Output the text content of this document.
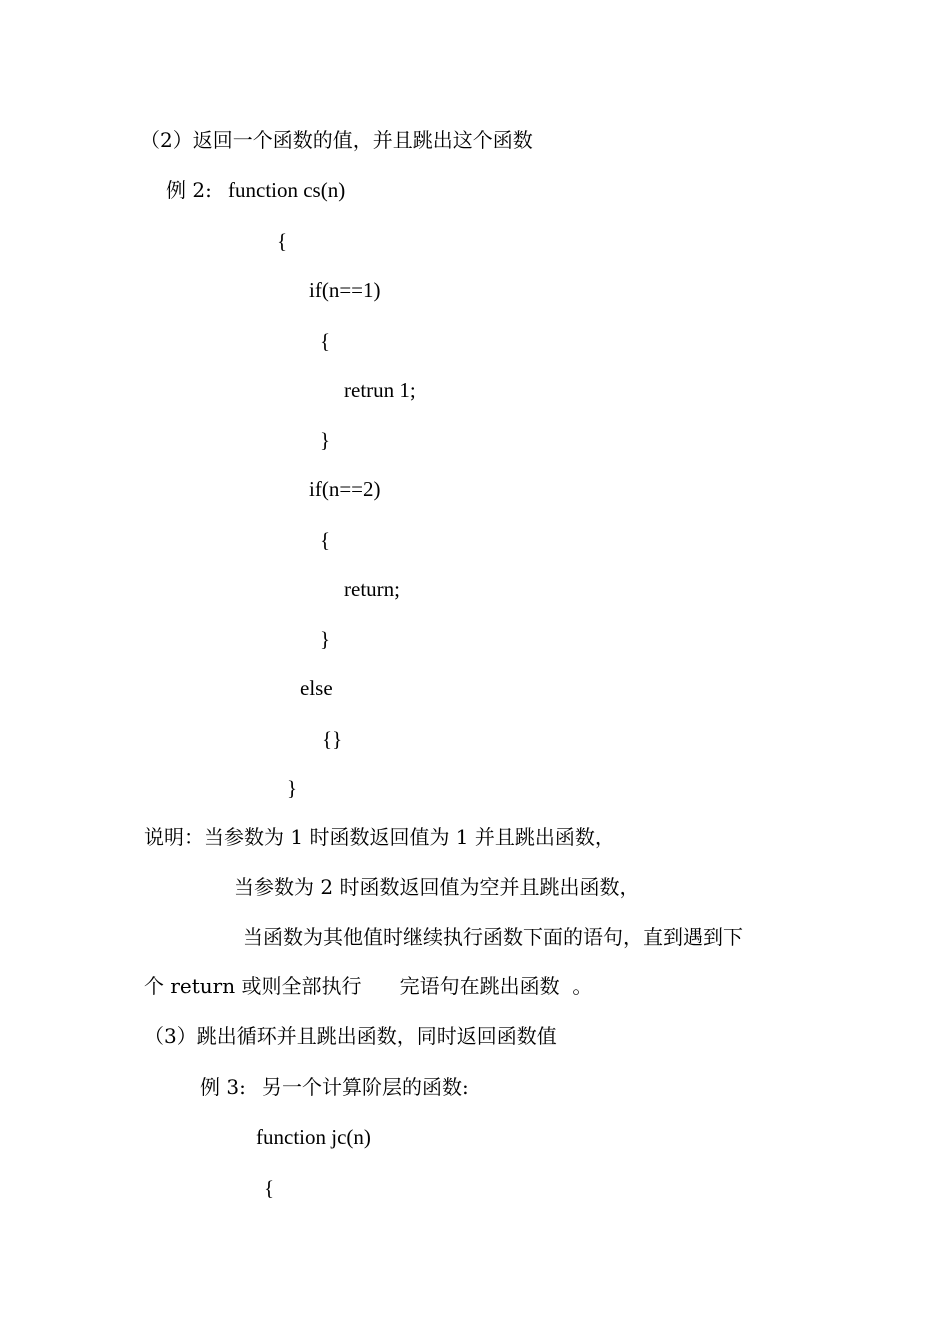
（2）返回一个函数的值，并且跳出这个函数
例 2: function cs(n)
{
if(n==1)
{
retrun 1;
}
if(n==2)
{
return;
}
else
{}
}
说明：当参数为 1 时函数返回值为 1 并且跳出函数，
当参数为 2 时函数返回值为空并且跳出函数，
当函数为其他值时继续执行函数下面的语句，直到遇到下
个 return 或则全部执行      完语句在跳出函数  。
（3）跳出循环并且跳出函数，同时返回函数值
例 3: 另一个计算阶层的函数:
function jc(n)
{
